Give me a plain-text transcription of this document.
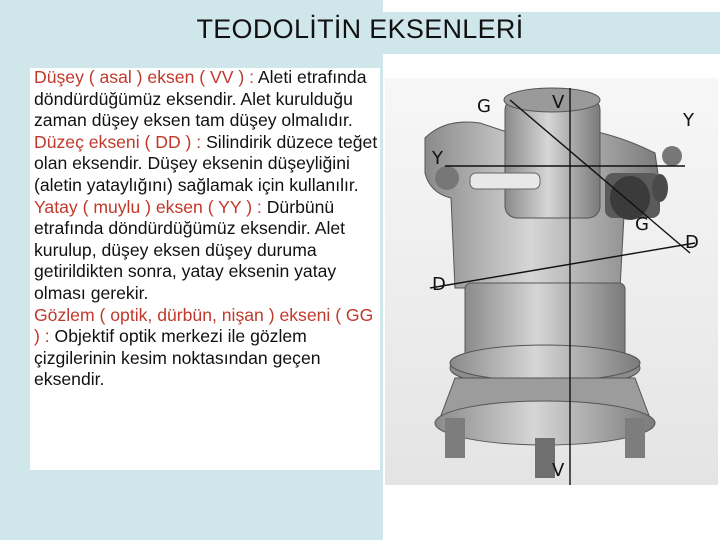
TEODOLİTİN EKSENLERİ
Düşey ( asal ) eksen ( VV ) : Aleti etrafında döndürdüğümüz eksendir. Alet kurulduğu zaman düşey eksen tam düşey olmalıdır.
Düzeç ekseni ( DD ) : Silindirik düzece teğet olan eksendir. Düşey eksenin düşeyliğini (aletin yataylığını) sağlamak için kullanılır.
Yatay ( muylu ) eksen ( YY ) : Dürbünü etrafında döndürdüğümüz eksendir. Alet kurulup, düşey eksen düşey duruma getirildikten sonra, yatay eksenin yatay olması gerekir.
Gözlem ( optik, dürbün, nişan ) ekseni ( GG ) : Objektif optik merkezi ile gözlem çizgilerinin kesim noktasından geçen eksendir.
G	V
Y
Y
G
D
D
V
